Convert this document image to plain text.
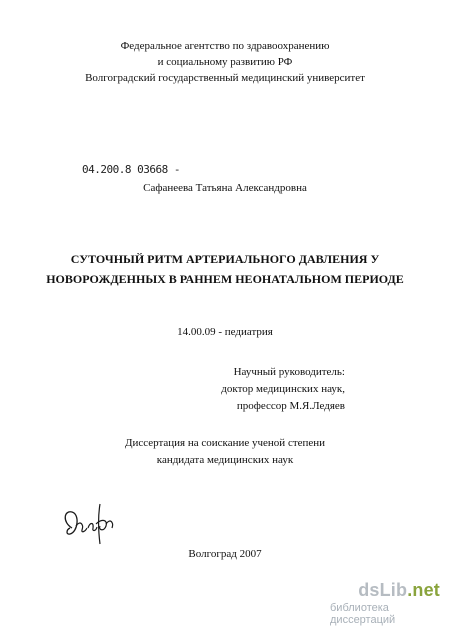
Федеральное агентство по здравоохранению
и социальному развитию РФ
Волгоградский государственный медицинский университет
04.200.8 03668 -
Сафанеева Татьяна Александровна
СУТОЧНЫЙ РИТМ АРТЕРИАЛЬНОГО ДАВЛЕНИЯ У
НОВОРОЖДЕННЫХ В РАННЕМ НЕОНАТАЛЬНОМ ПЕРИОДЕ
14.00.09 - педиатрия
Научный руководитель:
доктор медицинских наук,
профессор М.Я.Ледяев
Диссертация на соискание ученой степени
кандидата медицинских наук
Волгоград 2007
dsLib.net
библиотека диссертаций
